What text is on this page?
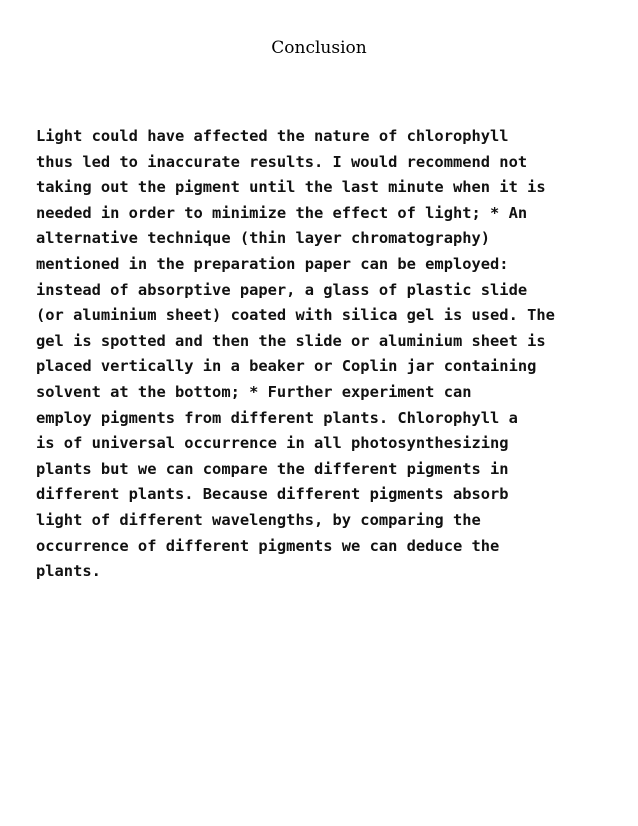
Conclusion
Light could have affected the nature of chlorophyll
thus led to inaccurate results. I would recommend not
taking out the pigment until the last minute when it is
needed in order to minimize the effect of light; * An
alternative technique (thin layer chromatography)
mentioned in the preparation paper can be employed:
instead of absorptive paper, a glass of plastic slide
(or aluminium sheet) coated with silica gel is used. The
gel is spotted and then the slide or aluminium sheet is
placed vertically in a beaker or Coplin jar containing
solvent at the bottom; * Further experiment can
employ pigments from different plants. Chlorophyll a
is of universal occurrence in all photosynthesizing
plants but we can compare the different pigments in
different plants. Because different pigments absorb
light of different wavelengths, by comparing the
occurrence of different pigments we can deduce the
plants.
